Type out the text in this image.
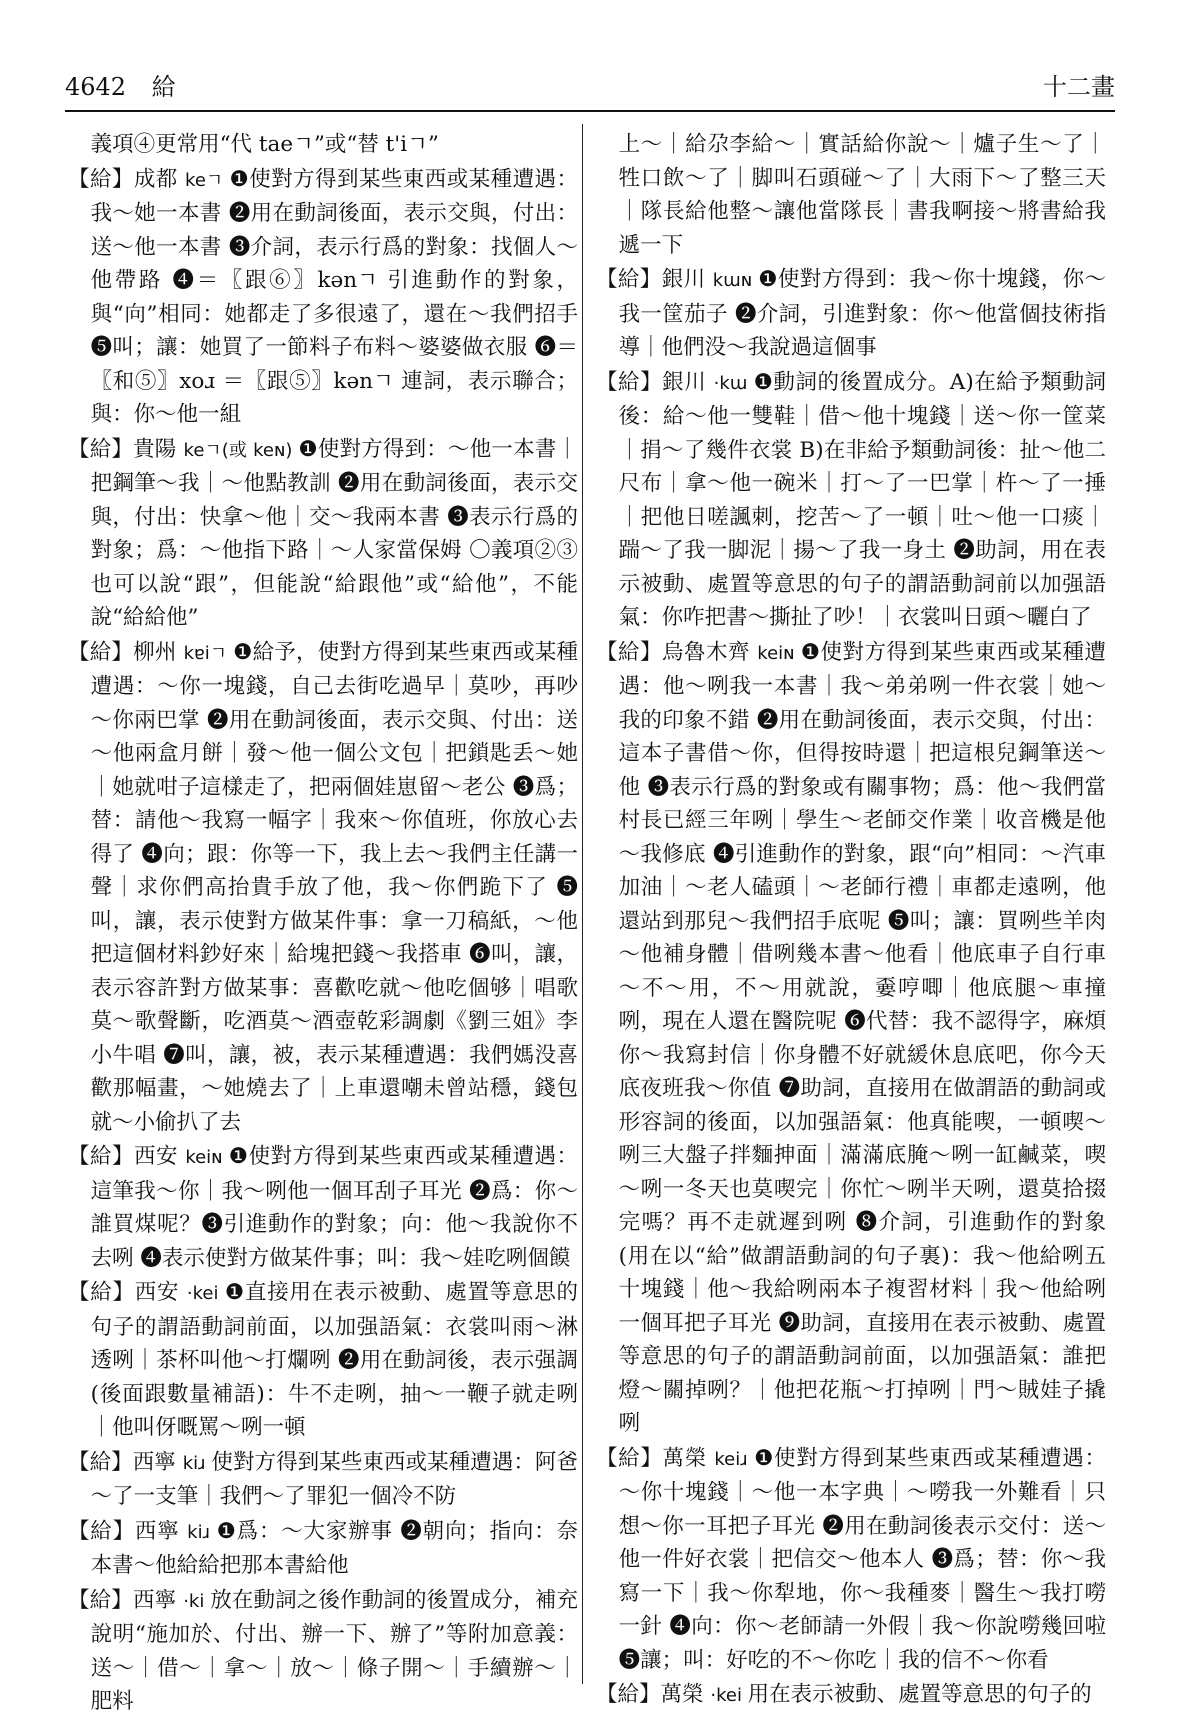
4642 給	十二畫

義項④更常用“代 taeㄱ”或“替 t'iㄱ”

【給】成都 keㄱ ❶使對方得到某些東西或某種遭遇：我～她一本書 ❷用在動詞後面，表示交與，付出：送～他一本書 ❸介詞，表示行爲的對象：找個人～他帶路 ❹＝〖跟⑥〗kənㄱ 引進動作的對象，與“向”相同：她都走了多很遠了，還在～我們招手 ❺叫；讓：她買了一節料子布料～婆婆做衣服 ❻＝〖和⑤〗xoɹ ＝〖跟⑤〗kənㄱ 連詞，表示聯合；與：你～他一組

【給】貴陽 keㄱ(或 keɴ) ❶使對方得到：～他一本書｜把鋼筆～我｜～他點教訓 ❷用在動詞後面，表示交與，付出：快拿～他｜交～我兩本書 ❸表示行爲的對象；爲：～他指下路｜～人家當保姆 〇義項②③也可以說“跟”，但能說“給跟他”或“給他”，不能說“給給他”

【給】柳州 kɐiㄱ ❶給予，使對方得到某些東西或某種遭遇：～你一塊錢，自己去街吃過早｜莫吵，再吵～你兩巴掌 ❷用在動詞後面，表示交與、付出：送～他兩盒月餅｜發～他一個公文包｜把鎖匙丢～她｜她就咁子這樣走了，把兩個娃崽留～老公 ❸爲；替：請他～我寫一幅字｜我來～你值班，你放心去得了 ❹向；跟：你等一下，我上去～我們主任講一聲｜求你們高抬貴手放了他，我～你們跪下了 ❺叫，讓，表示使對方做某件事：拿一刀稿紙，～他把這個材料鈔好來｜給塊把錢～我搭車 ❻叫，讓，表示容許對方做某事：喜歡吃就～他吃個够｜唱歌莫～歌聲斷，吃酒莫～酒壺乾彩調劇《劉三姐》李小牛唱 ❼叫，讓，被，表示某種遭遇：我們媽没喜歡那幅畫，～她燒去了｜上車還嘲未曾站穩，錢包就～小偷扒了去

【給】西安 keiɴ ❶使對方得到某些東西或某種遭遇：這筆我～你｜我～咧他一個耳刮子耳光 ❷爲：你～誰買煤呢？❸引進動作的對象；向：他～我說你不去咧 ❹表示使對方做某件事；叫：我～娃吃咧個饃

【給】西安 ·kei ❶直接用在表示被動、處置等意思的句子的謂語動詞前面，以加强語氣：衣裳叫雨～淋透咧｜茶杯叫他～打爛咧 ❷用在動詞後，表示强調(後面跟數量補語)：牛不走咧，抽～一鞭子就走咧｜他叫伢嘅罵～咧一頓

【給】西寧 kiɹ 使對方得到某些東西或某種遭遇：阿爸～了一支筆｜我們～了罪犯一個冷不防

【給】西寧 kiɹ ❶爲：～大家辦事 ❷朝向；指向：奈本書～他給給把那本書給他

【給】西寧 ·ki 放在動詞之後作動詞的後置成分，補充說明“施加於、付出、辦一下、辦了”等附加意義：送～｜借～｜拿～｜放～｜條子開～｜手續辦～｜肥料

上～｜給尕李給～｜實話給你說～｜爐子生～了｜牲口飲～了｜脚叫石頭碰～了｜大雨下～了整三天｜隊長給他整～讓他當隊長｜書我啊接～將書給我遞一下

【給】銀川 kɯɴ ❶使對方得到：我～你十塊錢，你～我一筐茄子 ❷介詞，引進對象：你～他當個技術指導｜他們没～我說過這個事

【給】銀川 ·kɯ ❶動詞的後置成分。A)在給予類動詞後：給～他一雙鞋｜借～他十塊錢｜送～你一筐菜｜捐～了幾件衣裳 B)在非給予類動詞後：扯～他二尺布｜拿～他一碗米｜打～了一巴掌｜杵～了一捶｜把他日嗟諷刺，挖苦～了一頓｜吐～他一口痰｜踹～了我一脚泥｜揚～了我一身土 ❷助詞，用在表示被動、處置等意思的句子的謂語動詞前以加强語氣：你咋把書～撕扯了吵！｜衣裳叫日頭～曬白了

【給】烏魯木齊 keiɴ ❶使對方得到某些東西或某種遭遇：他～咧我一本書｜我～弟弟咧一件衣裳｜她～我的印象不錯 ❷用在動詞後面，表示交與，付出：這本子書借～你，但得按時還｜把這根兒鋼筆送～他 ❸表示行爲的對象或有關事物；爲：他～我們當村長已經三年咧｜學生～老師交作業｜收音機是他～我修底 ❹引進動作的對象，跟“向”相同：～汽車加油｜～老人磕頭｜～老師行禮｜車都走遠咧，他還站到那兒～我們招手底呢 ❺叫；讓：買咧些羊肉～他補身體｜借咧幾本書～他看｜他底車子自行車～不～用，不～用就說，嫑哼唧｜他底腿～車撞咧，現在人還在醫院呢 ❻代替：我不認得字，麻煩你～我寫封信｜你身體不好就緩休息底吧，你今天底夜班我～你值 ❼助詞，直接用在做謂語的動詞或形容詞的後面，以加强語氣：他真能喫，一頓喫～咧三大盤子拌麵抻面｜滿滿底腌～咧一缸鹹菜，喫～咧一冬天也莫喫完｜你忙～咧半天咧，還莫拾掇完嗎？再不走就遲到咧 ❽介詞，引進動作的對象(用在以“給”做謂語動詞的句子裏)：我～他給咧五十塊錢｜他～我給咧兩本子複習材料｜我～他給咧一個耳把子耳光 ❾助詞，直接用在表示被動、處置等意思的句子的謂語動詞前面，以加强語氣：誰把燈～關掉咧？｜他把花瓶～打掉咧｜門～賊娃子撬咧

【給】萬榮 keiɹ ❶使對方得到某些東西或某種遭遇：～你十塊錢｜～他一本字典｜～嘮我一外難看｜只想～你一耳把子耳光 ❷用在動詞後表示交付：送～他一件好衣裳｜把信交～他本人 ❸爲；替：你～我寫一下｜我～你犁地，你～我種麥｜醫生～我打嘮一針 ❹向：你～老師請一外假｜我～你說嘮幾回啦 ❺讓；叫：好吃的不～你吃｜我的信不～你看

【給】萬榮 ·kei 用在表示被動、處置等意思的句子的
